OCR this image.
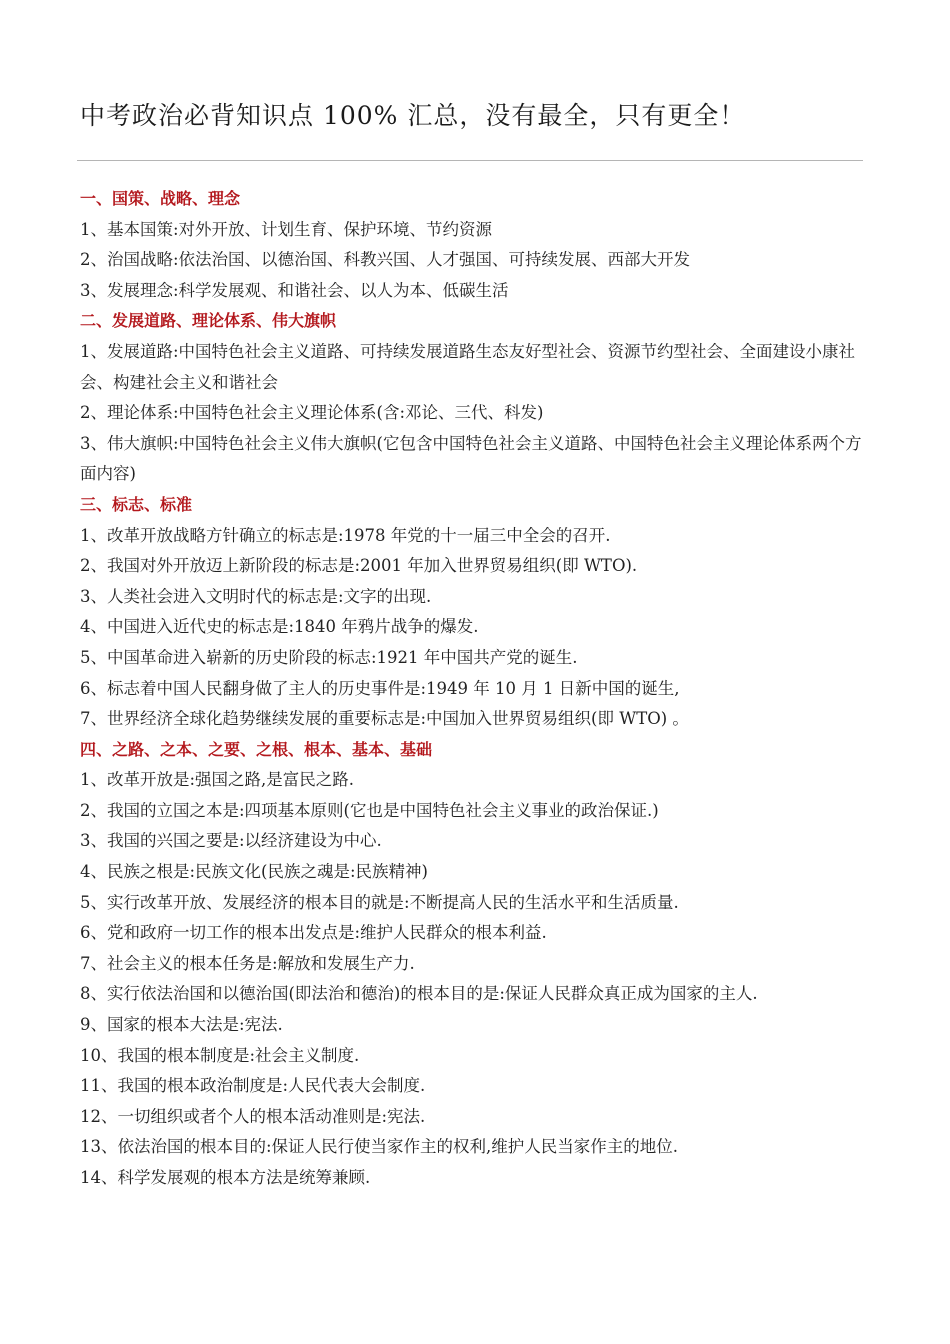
中考政治必背知识点 100% 汇总，没有最全，只有更全！
一、国策、战略、理念
1、基本国策:对外开放、计划生育、保护环境、节约资源
2、治国战略:依法治国、以德治国、科教兴国、人才强国、可持续发展、西部大开发
3、发展理念:科学发展观、和谐社会、以人为本、低碳生活
二、发展道路、理论体系、伟大旗帜
1、发展道路:中国特色社会主义道路、可持续发展道路生态友好型社会、资源节约型社会、全面建设小康社会、构建社会主义和谐社会
2、理论体系:中国特色社会主义理论体系(含:邓论、三代、科发)
3、伟大旗帜:中国特色社会主义伟大旗帜(它包含中国特色社会主义道路、中国特色社会主义理论体系两个方面内容)
三、标志、标准
1、改革开放战略方针确立的标志是:1978 年党的十一届三中全会的召开.
2、我国对外开放迈上新阶段的标志是:2001 年加入世界贸易组织(即 WTO).
3、人类社会进入文明时代的标志是:文字的出现.
4、中国进入近代史的标志是:1840 年鸦片战争的爆发.
5、中国革命进入崭新的历史阶段的标志:1921 年中国共产党的诞生.
6、标志着中国人民翻身做了主人的历史事件是:1949 年 10 月 1 日新中国的诞生,
7、世界经济全球化趋势继续发展的重要标志是:中国加入世界贸易组织(即 WTO) 。
四、之路、之本、之要、之根、根本、基本、基础
1、改革开放是:强国之路,是富民之路.
2、我国的立国之本是:四项基本原则(它也是中国特色社会主义事业的政治保证.)
3、我国的兴国之要是:以经济建设为中心.
4、民族之根是:民族文化(民族之魂是:民族精神)
5、实行改革开放、发展经济的根本目的就是:不断提高人民的生活水平和生活质量.
6、党和政府一切工作的根本出发点是:维护人民群众的根本利益.
7、社会主义的根本任务是:解放和发展生产力.
8、实行依法治国和以德治国(即法治和德治)的根本目的是:保证人民群众真正成为国家的主人.
9、国家的根本大法是:宪法.
10、我国的根本制度是:社会主义制度.
11、我国的根本政治制度是:人民代表大会制度.
12、一切组织或者个人的根本活动准则是:宪法.
13、依法治国的根本目的:保证人民行使当家作主的权利,维护人民当家作主的地位.
14、科学发展观的根本方法是统筹兼顾.
